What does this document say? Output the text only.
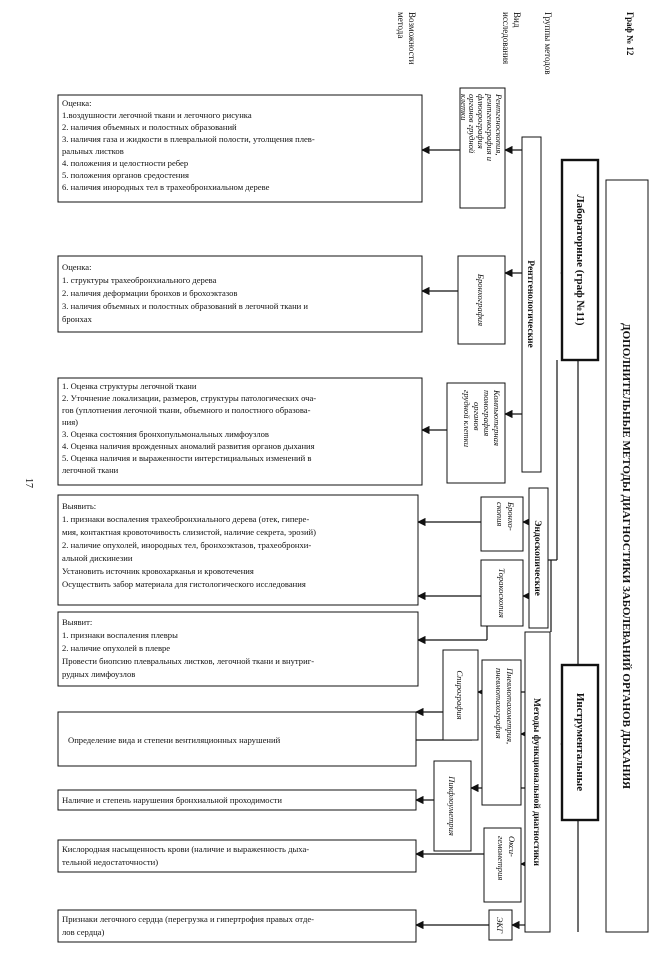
Граф № 12
Группы методов
Вид
исследования
Возможности
метода
ДОПОЛНИТЕЛЬНЫЕ МЕТОДЫ ДИАГНОСТИКИ ЗАБОЛЕВАНИЙ ОРГАНОВ ДЫХАНИЯ
Лабораторные (граф №11)
Инструментальные
Рентгенологические
Эндоскопические
Методы функциональной диагностики
Рентгеноскопия,
рентгенография и
флюорография
органов грудной
клетки
Бронхография
Компьютерная
томография
органов
грудной клетки
Бронхо-
скопия
Торакоскопия
Спирография	Пневмотахометрия,
пневмотахография
Пикфлоуметрия
Окси-
гемометрия
ЭКГ
Оценка:
1.воздушности легочной ткани и легочного рисунка
2. наличия объемных и полостных образований
3. наличия газа и жидкости в плевральной полости, утолщения плев-
ральных листков
4. положения и целостности ребер
5. положения органов средостения
6. наличия инородных тел в трахеобронхиальном дереве
Оценка:
1. структуры трахеобронхиального дерева
2. наличия деформации бронхов и брохоэктазов
3. наличия объемных и полостных образований в легочной ткани и
бронхах
1. Оценка структуры легочной ткани
2. Уточнение локализации, размеров, структуры патологических оча-
гов (уплотнения легочной ткани, объемного и полостного образова-
ния)
3. Оценка состояния бронхопульмональных лимфоузлов
4. Оценка наличия врожденных аномалий развития органов дыхания
5. Оценка наличия и выраженности интерстициальных изменений в
легочной ткани
Выявить:
1. признаки воспаления трахеобронхиального дерева (отек, гипере-
мия, контактная кровоточивость слизистой, наличие секрета, эрозий)
2. наличие опухолей, инородных тел, бронхоэктазов, трахеобронхи-
альной дискинезии
Установить источник кровохарканья и кровотечения
Осуществить забор материала для гистологического исследования
Выявит:
1. признаки воспаления плевры
2. наличие опухолей в плевре
Провести биопсию плевральных листков, легочной ткани и внутриг-
рудных лимфоузлов
Определение вида и степени вентиляционных нарушений
Наличие и степень нарушения бронхиальной проходимости
Кислородная насыщенность крови (наличие и выраженность дыха-
тельной недостаточности)
Признаки легочного сердца (перегрузка и гипертрофия правых отде-
лов сердца)
17
